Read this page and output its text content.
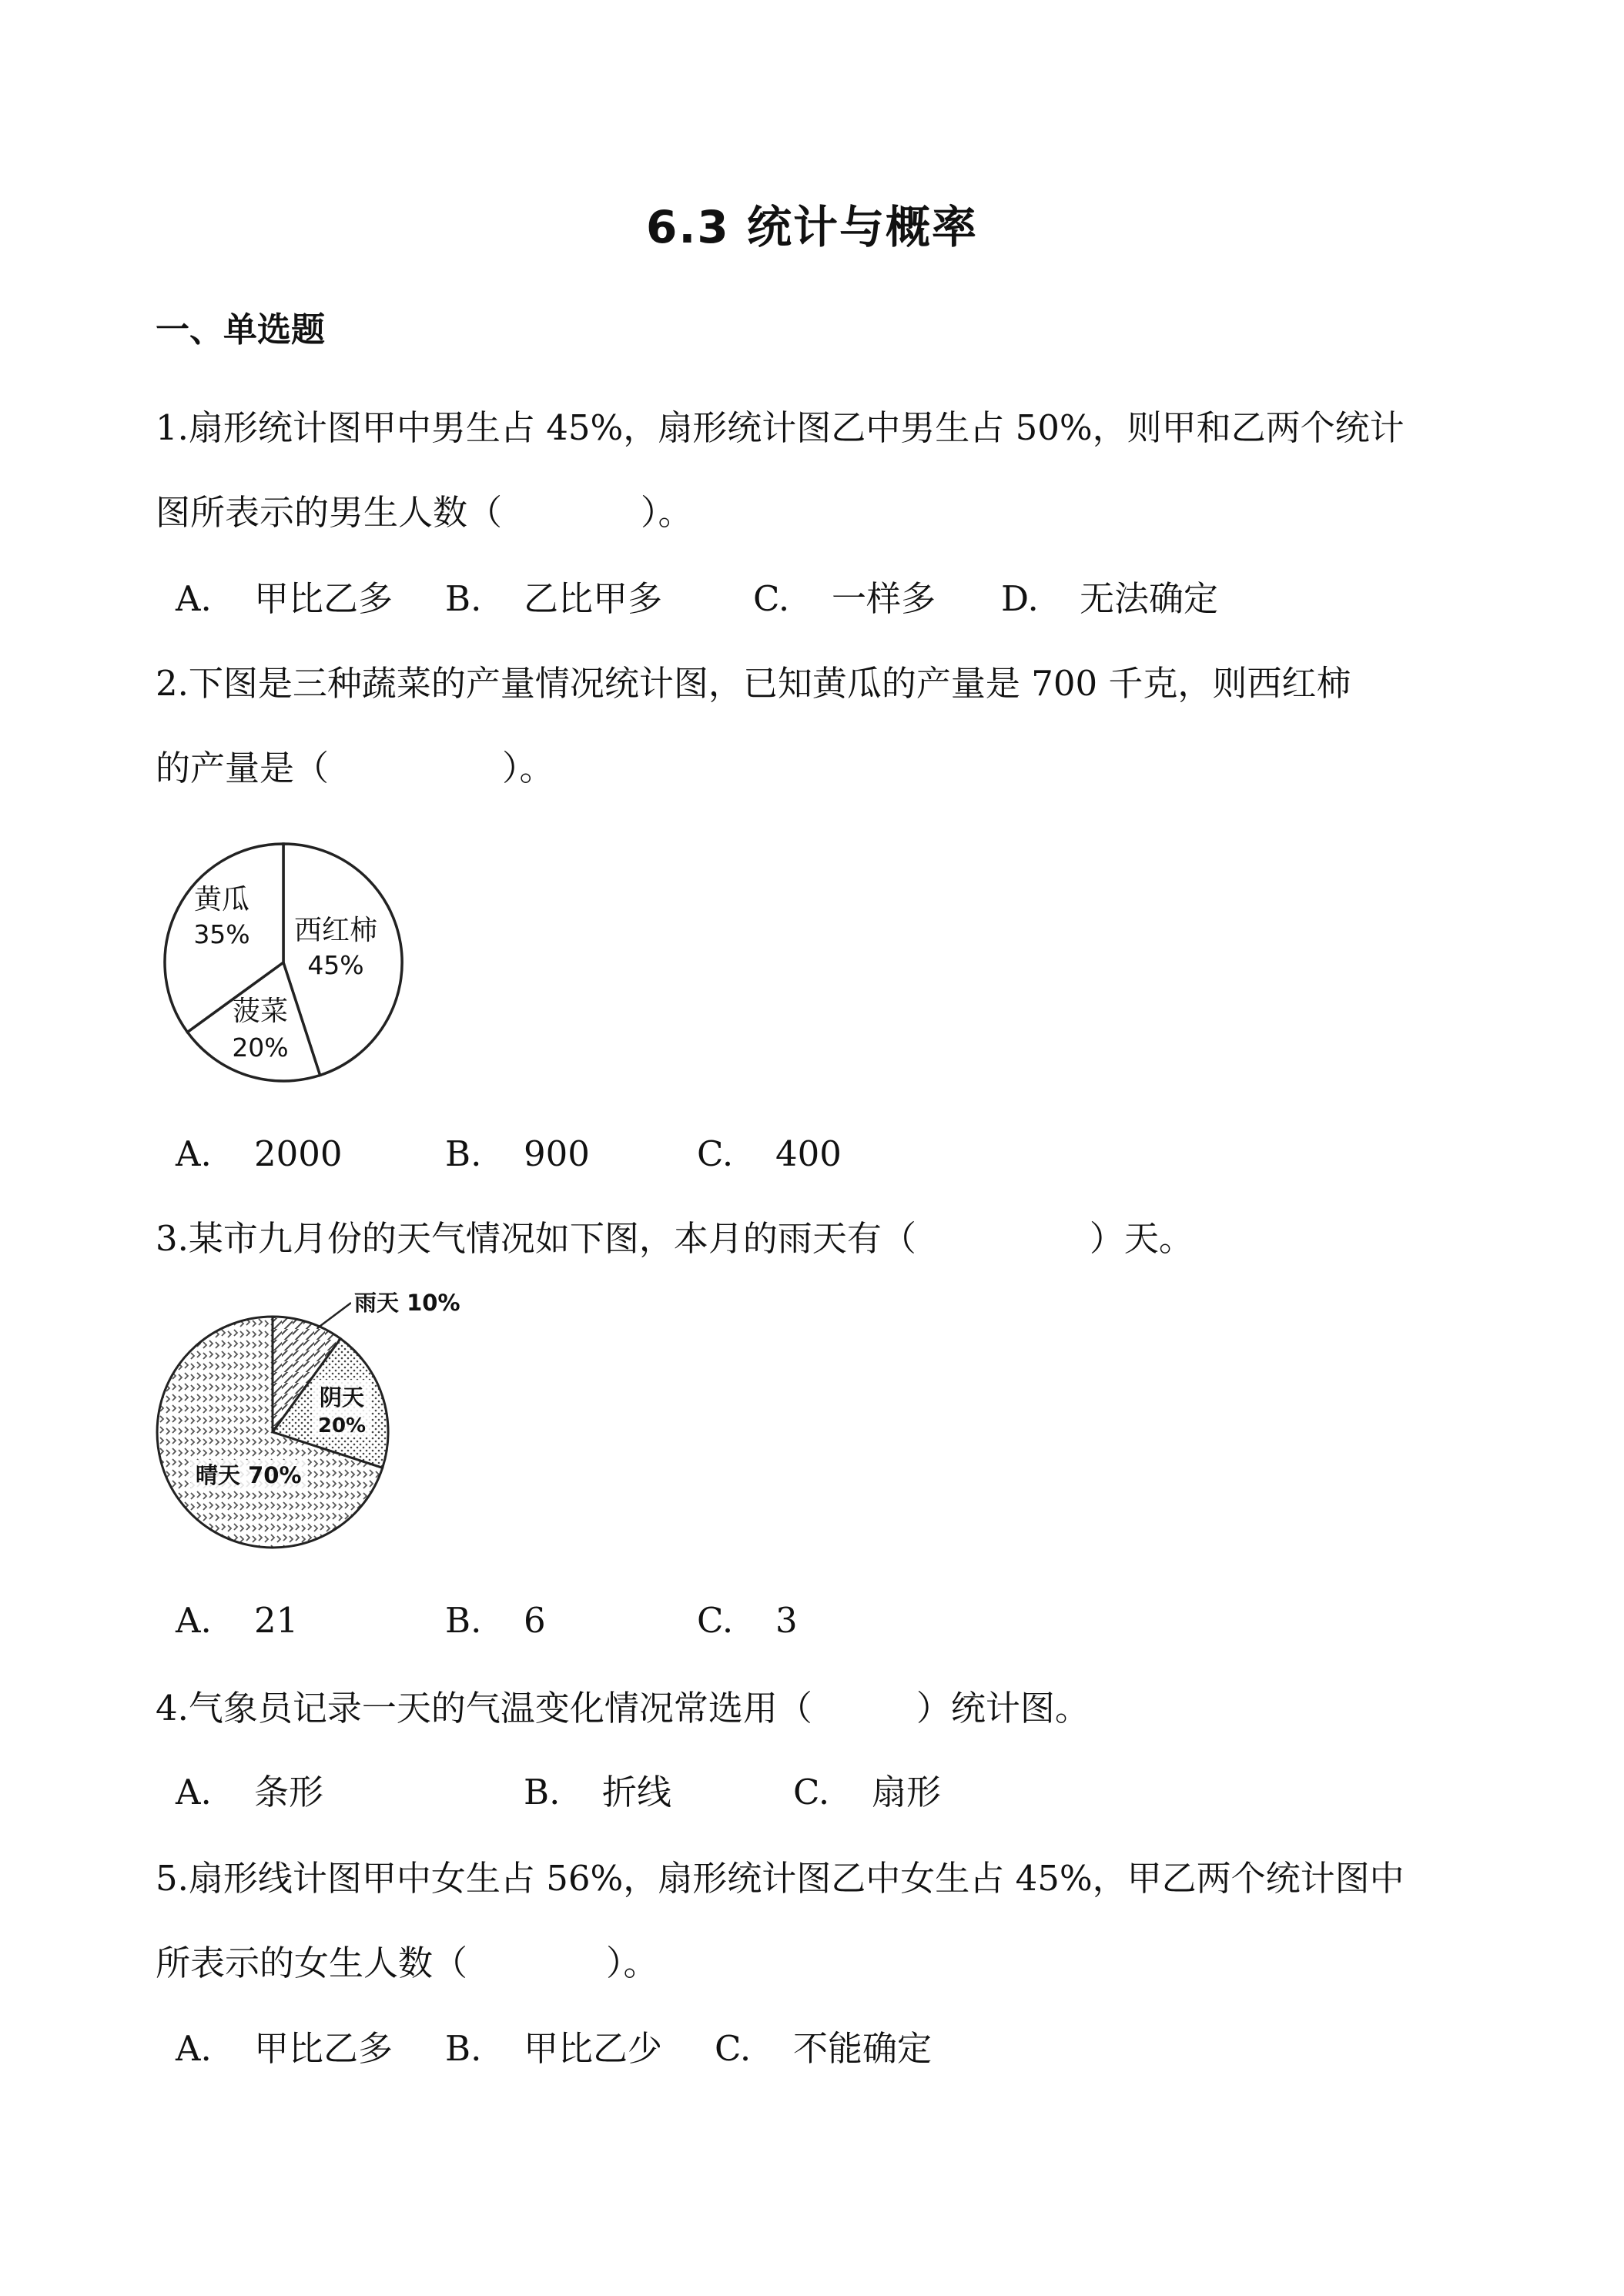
6.3 统计与概率
一、单选题
1.扇形统计图甲中男生占 45%，扇形统计图乙中男生占 50%，则甲和乙两个统计
图所表示的男生人数（　　　　）。
A. 甲比乙多 B. 乙比甲多	C. 一样多 D. 无法确定
2.下图是三种蔬菜的产量情况统计图，已知黄瓜的产量是 700 千克，则西红柿
的产量是（　　　　　）。
西红柿
45%
菠菜
20%
黄瓜
35%
A. 2000	B. 900	C. 400
3.某市九月份的天气情况如下图，本月的雨天有（　　　　　）天。
雨天 10%
阴天
20%
晴天 70%
A. 21	B. 6	C. 3
4.气象员记录一天的气温变化情况常选用（　　　）统计图。
A. 条形	B. 折线	C. 扇形
5.扇形线计图甲中女生占 56%，扇形统计图乙中女生占 45%，甲乙两个统计图中
所表示的女生人数（　　　　）。
A. 甲比乙多 B. 甲比乙少 C. 不能确定
